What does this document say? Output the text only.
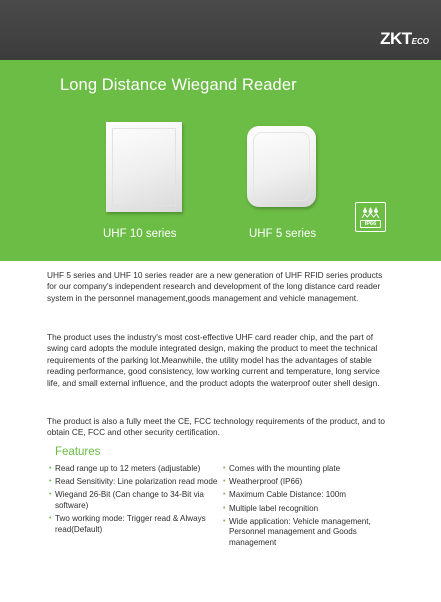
ZKTECO
Long Distance Wiegand Reader
UHF 10 series	UHF 5 series
IP66

UHF 5 series and UHF 10 series reader are a new generation of UHF RFID series products for our company's independent research and development of the long distance card reader system in the personnel management,goods management and vehicle management.

The product uses the industry's most cost-effective UHF card reader chip, and the part of swing card adopts the module integrated design, making the product to meet the technical requirements of the parking lot.Meanwhile, the utility model has the advantages of stable reading performance, good consistency, low working current and temperature, long service life, and small external influence, and the product adopts the waterproof outer shell design.

The product is also a fully meet the CE, FCC technology requirements of the product, and to obtain CE, FCC and other security certification.

Features
• Read range up to 12 meters (adjustable)
• Read Sensitivity: Line polarization read mode
• Wiegand 26-Bit (Can change to 34-Bit via software)
• Two working mode: Trigger read & Always read(Default)
• Comes with the mounting plate
• Weatherproof (IP66)
• Maximum Cable Distance: 100m
• Multiple label recognition
• Wide application: Vehicle management, Personnel management and Goods management
